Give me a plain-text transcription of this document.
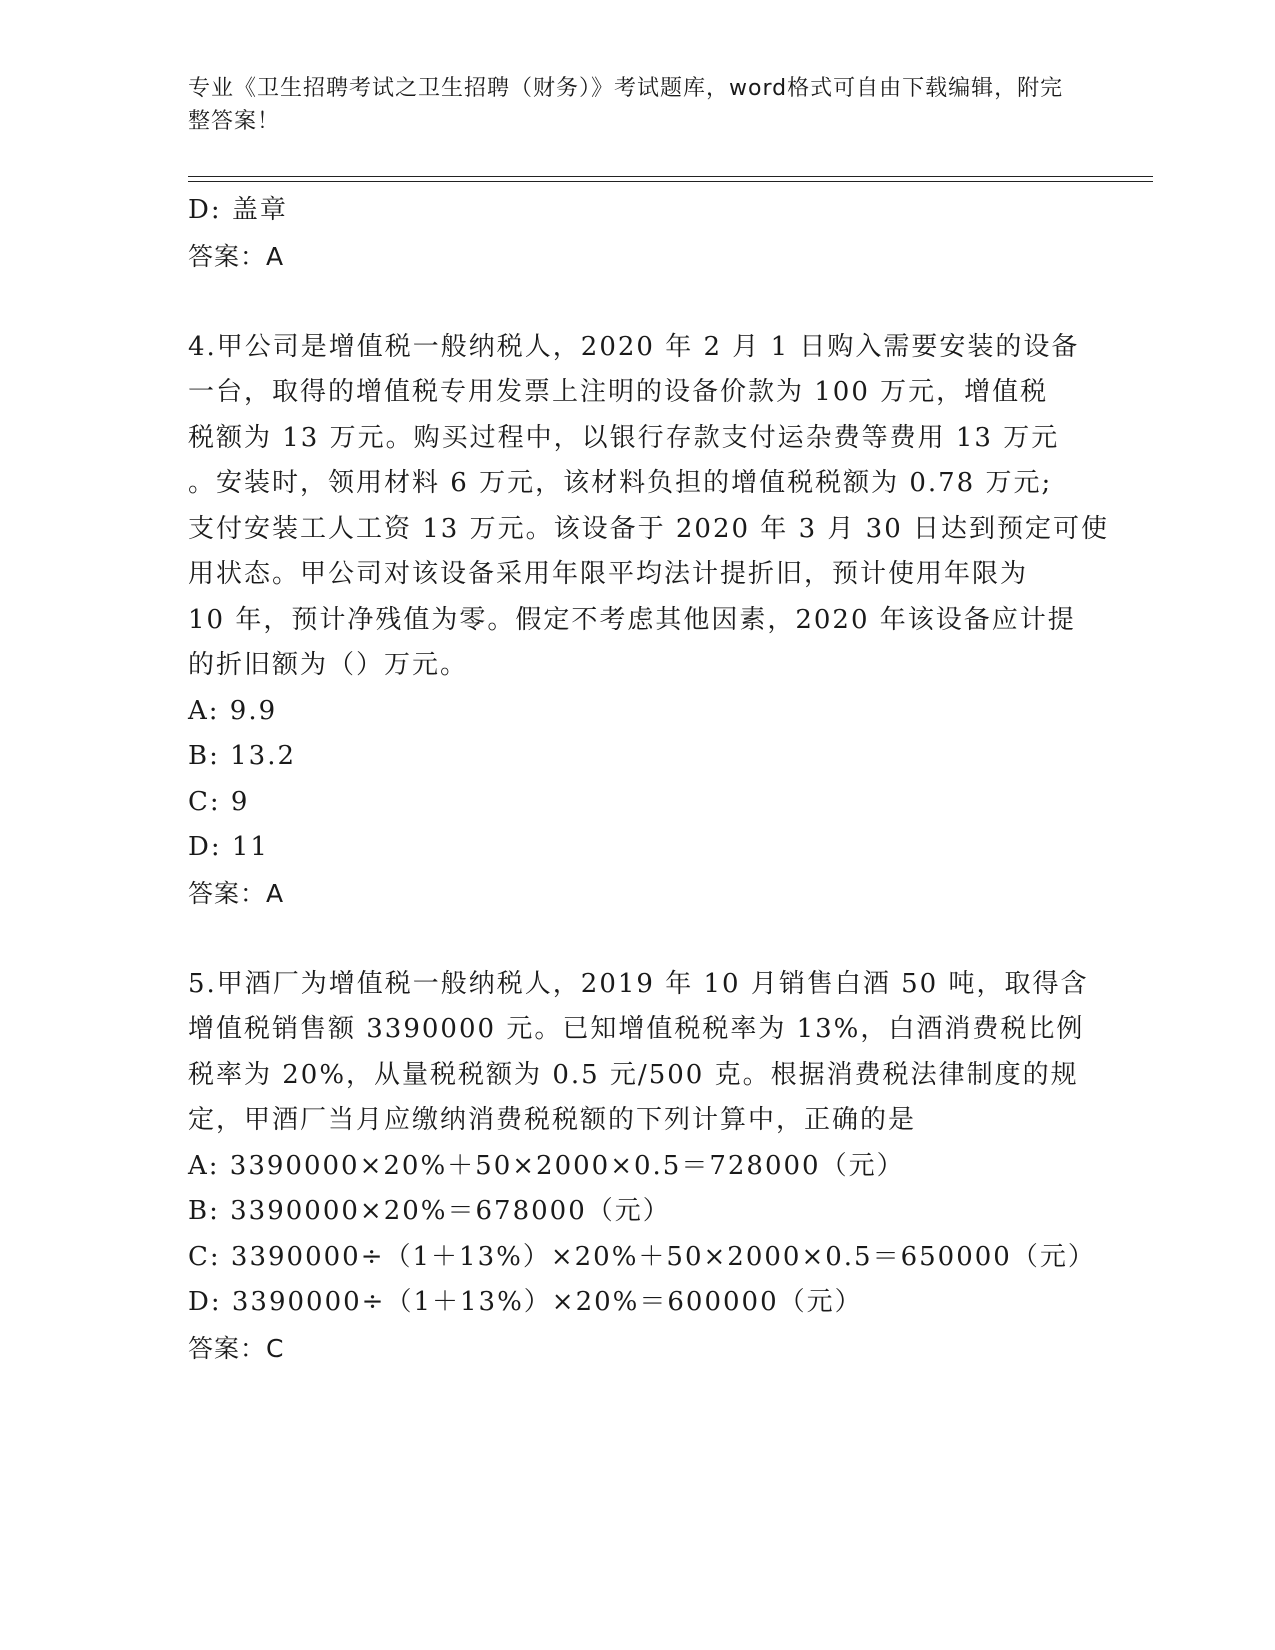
专业《卫生招聘考试之卫生招聘（财务）》考试题库，word格式可自由下载编辑，附完整答案！
D: 盖章
答案：A
4.甲公司是增值税一般纳税人，2020 年 2 月 1 日购入需要安装的设备
一台，取得的增值税专用发票上注明的设备价款为 100 万元，增值税
税额为 13 万元。购买过程中，以银行存款支付运杂费等费用 13 万元
。安装时，领用材料 6 万元，该材料负担的增值税税额为 0.78 万元;
支付安装工人工资 13 万元。该设备于 2020 年 3 月 30 日达到预定可使
用状态。甲公司对该设备采用年限平均法计提折旧，预计使用年限为
10 年，预计净残值为零。假定不考虑其他因素，2020 年该设备应计提
的折旧额为（）万元。
A: 9.9
B: 13.2
C: 9
D: 11
答案：A
5.甲酒厂为增值税一般纳税人，2019 年 10 月销售白酒 50 吨，取得含
增值税销售额 3390000 元。已知增值税税率为 13%，白酒消费税比例
税率为 20%，从量税税额为 0.5 元/500 克。根据消费税法律制度的规
定，甲酒厂当月应缴纳消费税税额的下列计算中，正确的是
A: 3390000×20%＋50×2000×0.5＝728000（元）
B: 3390000×20%＝678000（元）
C: 3390000÷（1＋13%）×20%＋50×2000×0.5＝650000（元）
D: 3390000÷（1＋13%）×20%＝600000（元）
答案：C
